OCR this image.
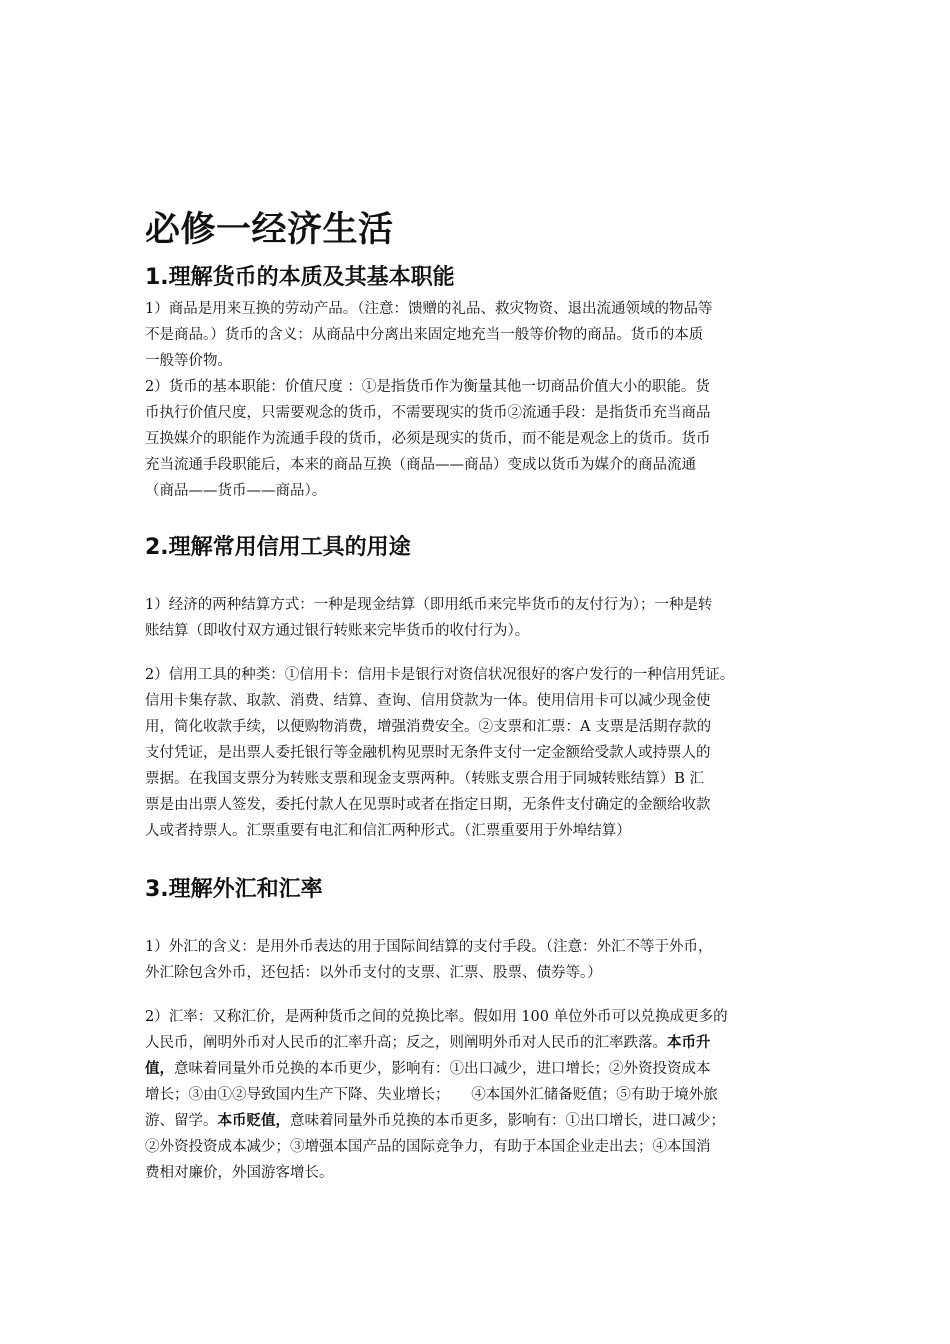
必修一经济生活
1.理解货币的本质及其基本职能

1）商品是用来互换的劳动产品。（注意：馈赠的礼品、救灾物资、退出流通领域的物品等
不是商品。）货币的含义：从商品中分离出来固定地充当一般等价物的商品。货币的本质
一般等价物。

2）货币的基本职能：价值尺度 ：①是指货币作为衡量其他一切商品价值大小的职能。货
币执行价值尺度，只需要观念的货币，不需要现实的货币②流通手段：是指货币充当商品
互换媒介的职能作为流通手段的货币，必须是现实的货币，而不能是观念上的货币。货币
充当流通手段职能后，本来的商品互换（商品——商品）变成以货币为媒介的商品流通
（商品——货币——商品）。

2.理解常用信用工具的用途

1）经济的两种结算方式：一种是现金结算（即用纸币来完毕货币的友付行为）；一种是转
账结算（即收付双方通过银行转账来完毕货币的收付行为）。

2）信用工具的种类：①信用卡：信用卡是银行对资信状况很好的客户发行的一种信用凭证。
信用卡集存款、取款、消费、结算、查询、信用贷款为一体。使用信用卡可以减少现金使
用，简化收款手续，以便购物消费，增强消费安全。②支票和汇票：A 支票是活期存款的
支付凭证，是出票人委托银行等金融机构见票时无条件支付一定金额给受款人或持票人的
票据。在我国支票分为转账支票和现金支票两种。（转账支票合用于同城转账结算）B 汇
票是由出票人签发，委托付款人在见票时或者在指定日期，无条件支付确定的金额给收款
人或者持票人。汇票重要有电汇和信汇两种形式。（汇票重要用于外埠结算）

3.理解外汇和汇率

1）外汇的含义：是用外币表达的用于国际间结算的支付手段。（注意：外汇不等于外币，
外汇除包含外币，还包括：以外币支付的支票、汇票、股票、债券等。）

2）汇率：又称汇价，是两种货币之间的兑换比率。假如用 100 单位外币可以兑换成更多的
人民币，阐明外币对人民币的汇率升高；反之，则阐明外币对人民币的汇率跌落。本币升
值，意味着同量外币兑换的本币更少，影响有：①出口减少，进口增长；②外资投资成本
增长；③由①②导致国内生产下降、失业增长；　　④本国外汇储备贬值；⑤有助于境外旅
游、留学。本币贬值，意味着同量外币兑换的本币更多，影响有：①出口增长，进口减少；
②外资投资成本减少；③增强本国产品的国际竞争力，有助于本国企业走出去；④本国消
费相对廉价，外国游客增长。
